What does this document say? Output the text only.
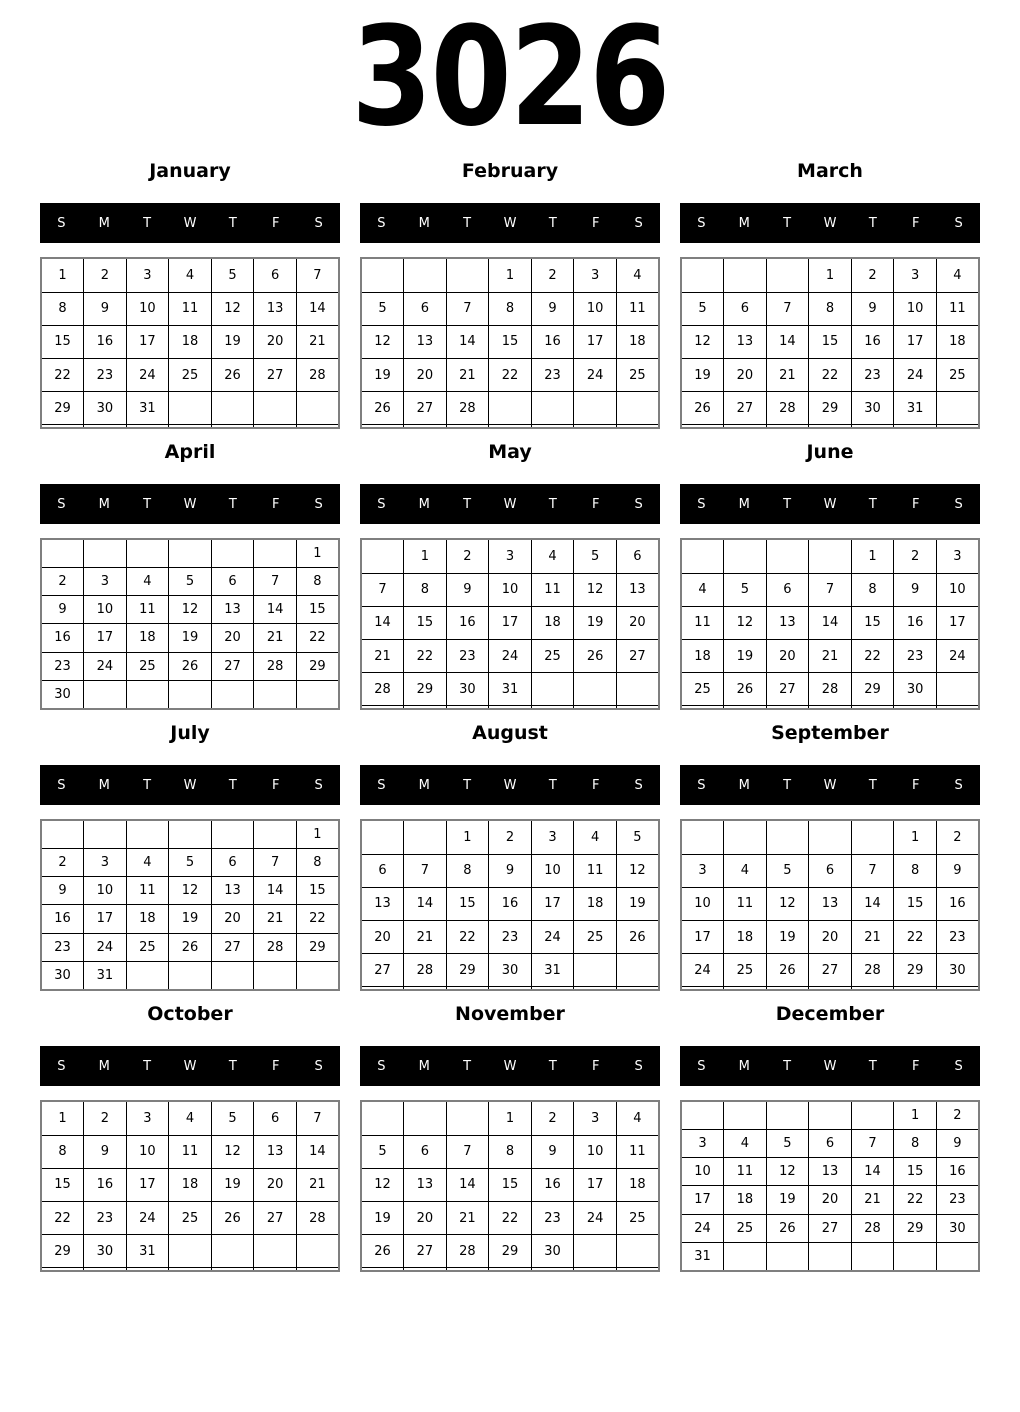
3026
January
S	M	T	W	T	F	S
1	2	3	4	5	6	7
8	9	10	11	12	13	14
15	16	17	18	19	20	21
22	23	24	25	26	27	28
29	30	31				

February
S	M	T	W	T	F	S
			1	2	3	4
5	6	7	8	9	10	11
12	13	14	15	16	17	18
19	20	21	22	23	24	25
26	27	28				

March
S	M	T	W	T	F	S
			1	2	3	4
5	6	7	8	9	10	11
12	13	14	15	16	17	18
19	20	21	22	23	24	25
26	27	28	29	30	31	

April
S	M	T	W	T	F	S
						1
2	3	4	5	6	7	8
9	10	11	12	13	14	15
16	17	18	19	20	21	22
23	24	25	26	27	28	29
30						
May
S	M	T	W	T	F	S
	1	2	3	4	5	6
7	8	9	10	11	12	13
14	15	16	17	18	19	20
21	22	23	24	25	26	27
28	29	30	31			

June
S	M	T	W	T	F	S
				1	2	3
4	5	6	7	8	9	10
11	12	13	14	15	16	17
18	19	20	21	22	23	24
25	26	27	28	29	30	

July
S	M	T	W	T	F	S
						1
2	3	4	5	6	7	8
9	10	11	12	13	14	15
16	17	18	19	20	21	22
23	24	25	26	27	28	29
30	31					
August
S	M	T	W	T	F	S
		1	2	3	4	5
6	7	8	9	10	11	12
13	14	15	16	17	18	19
20	21	22	23	24	25	26
27	28	29	30	31		

September
S	M	T	W	T	F	S
					1	2
3	4	5	6	7	8	9
10	11	12	13	14	15	16
17	18	19	20	21	22	23
24	25	26	27	28	29	30

October
S	M	T	W	T	F	S
1	2	3	4	5	6	7
8	9	10	11	12	13	14
15	16	17	18	19	20	21
22	23	24	25	26	27	28
29	30	31				

November
S	M	T	W	T	F	S
			1	2	3	4
5	6	7	8	9	10	11
12	13	14	15	16	17	18
19	20	21	22	23	24	25
26	27	28	29	30		

December
S	M	T	W	T	F	S
					1	2
3	4	5	6	7	8	9
10	11	12	13	14	15	16
17	18	19	20	21	22	23
24	25	26	27	28	29	30
31						
